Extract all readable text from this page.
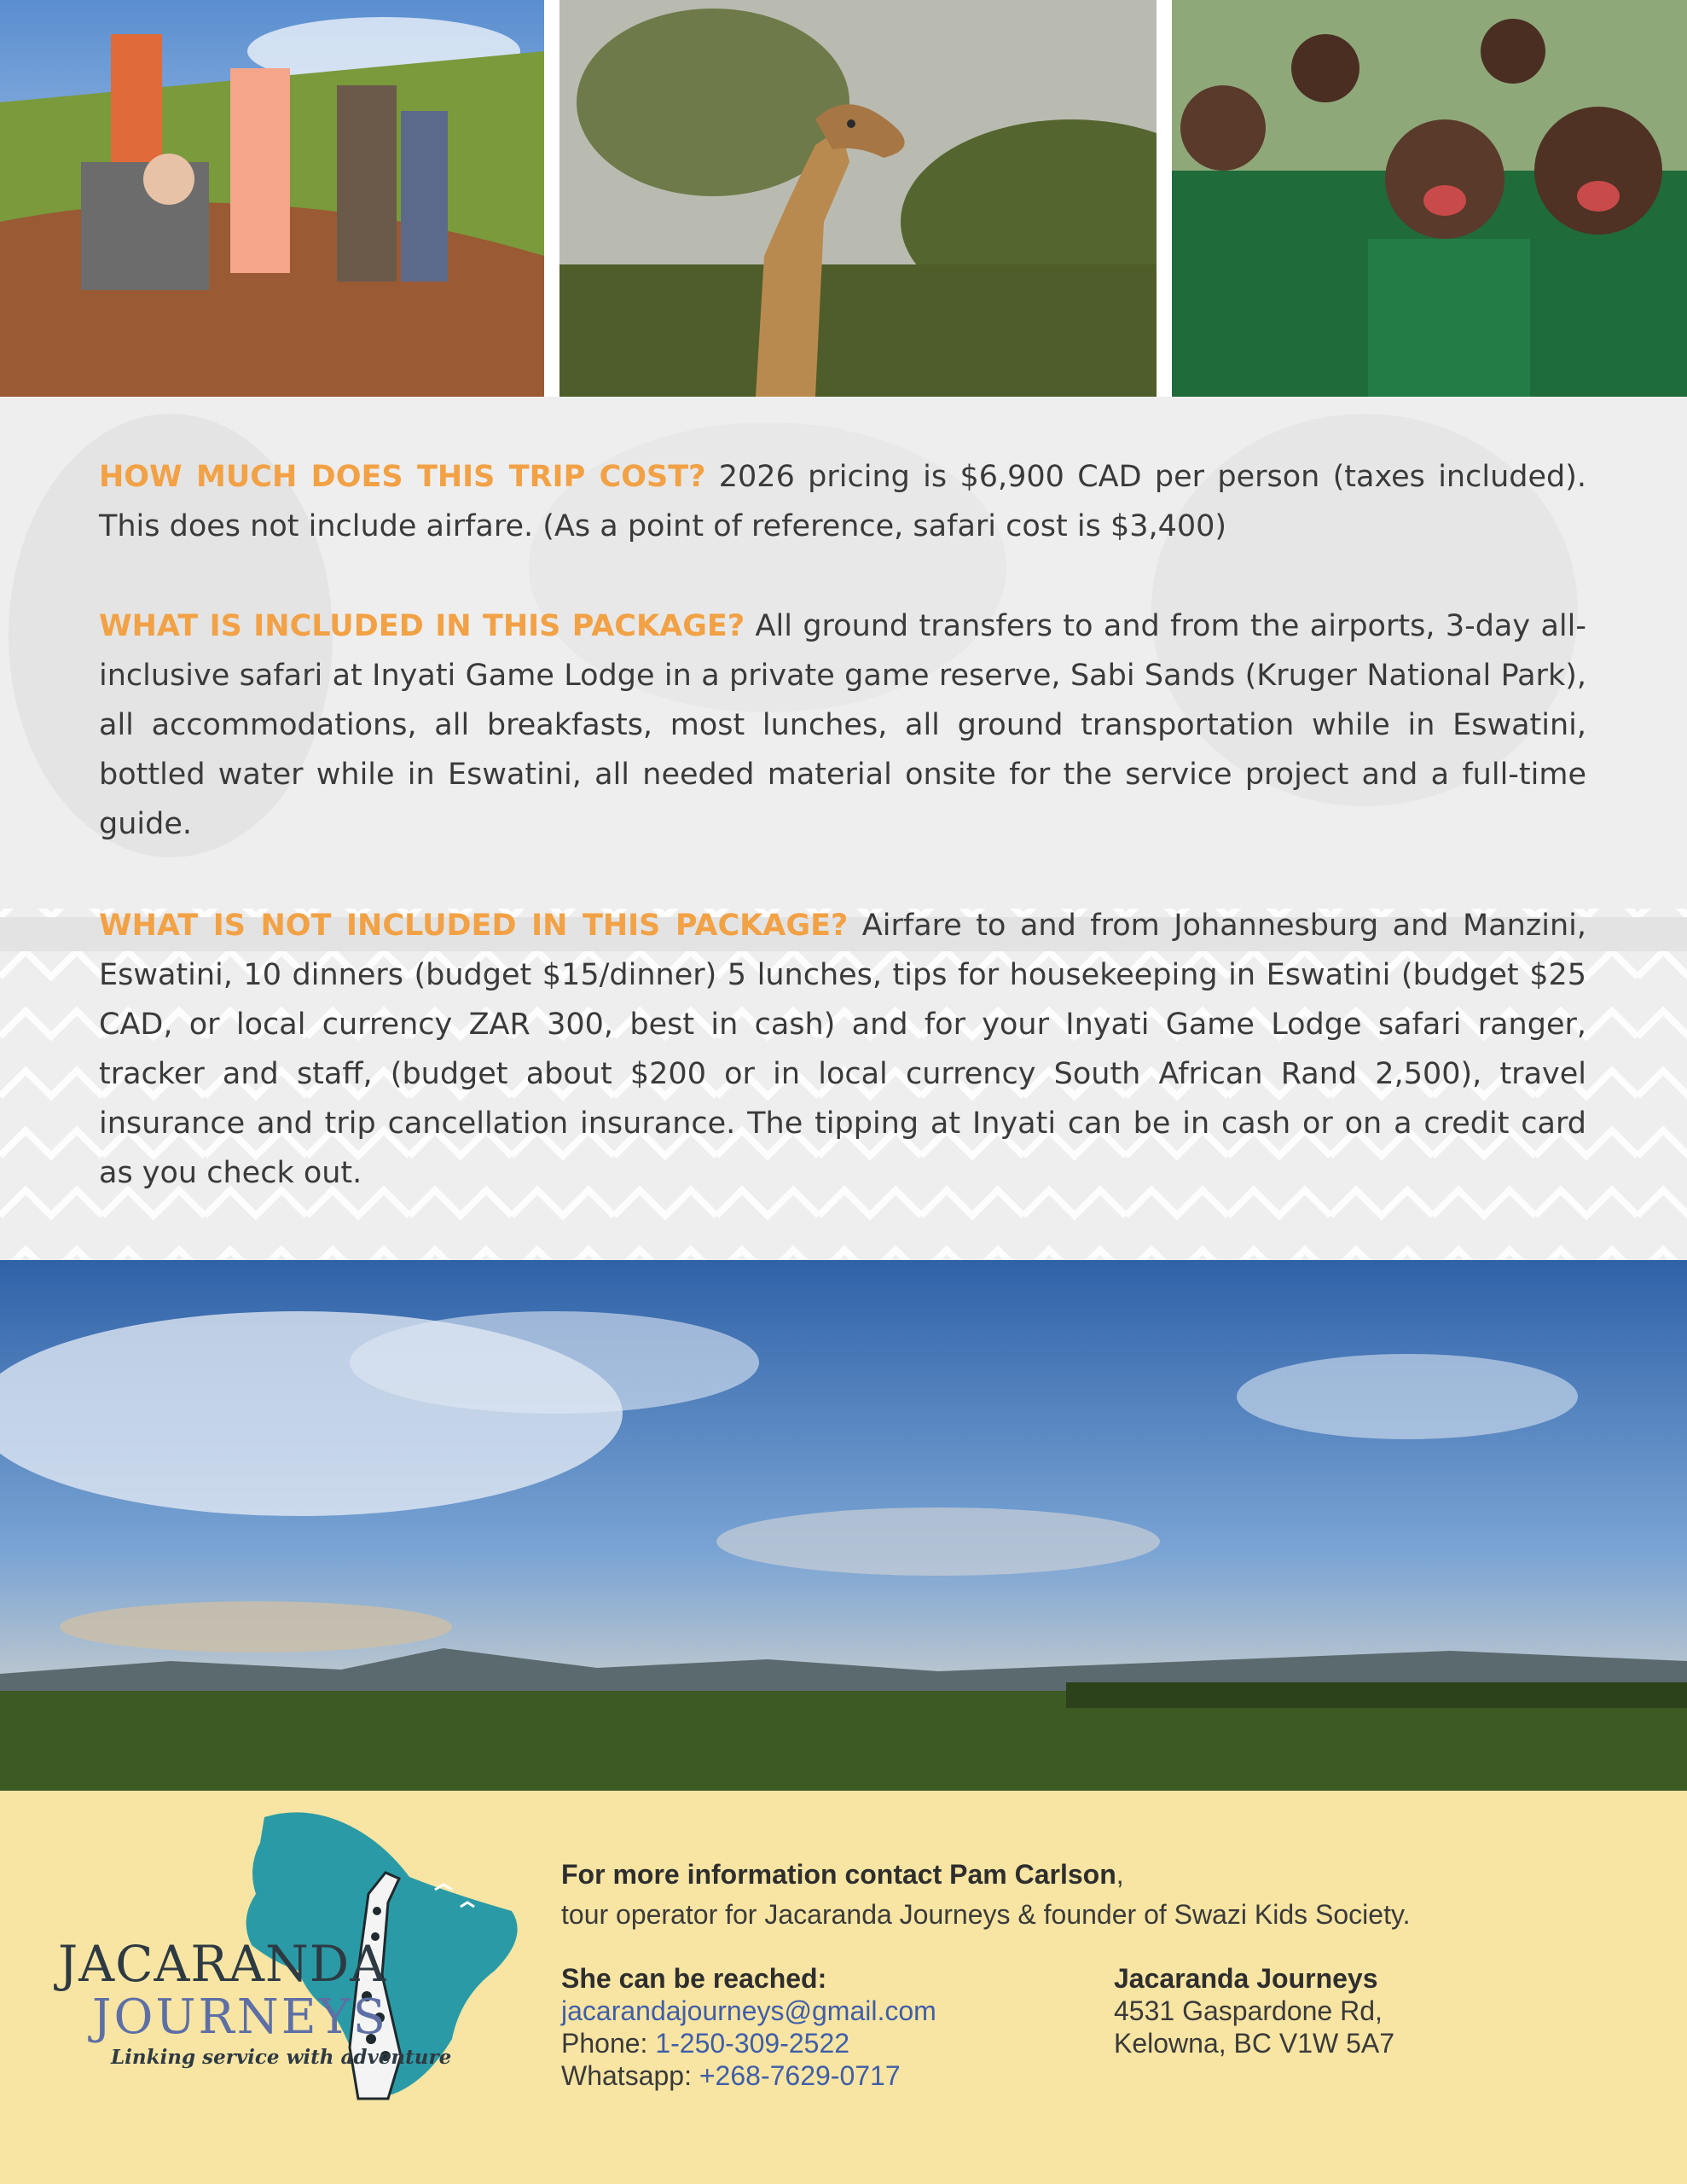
HOW MUCH DOES THIS TRIP COST? 2026 pricing is $6,900 CAD per person (taxes included). This does not include airfare. (As a point of reference, safari cost is $3,400)
WHAT IS INCLUDED IN THIS PACKAGE? All ground transfers to and from the airports, 3-day all-inclusive safari at Inyati Game Lodge in a private game reserve, Sabi Sands (Kruger National Park), all accommodations, all breakfasts, most lunches, all ground transportation while in Eswatini, bottled water while in Eswatini, all needed material onsite for the service project and a full-time guide.
WHAT IS NOT INCLUDED IN THIS PACKAGE? Airfare to and from Johannesburg and Manzini, Eswatini, 10 dinners (budget $15/dinner) 5 lunches, tips for housekeeping in Eswatini (budget $25 CAD, or local currency ZAR 300, best in cash) and for your Inyati Game Lodge safari ranger, tracker and staff, (budget about $200 or in local currency South African Rand 2,500), travel insurance and trip cancellation insurance. The tipping at Inyati can be in cash or on a credit card as you check out.
JACARANDA
JOURNEYS
Linking service with adventure
For more information contact Pam Carlson,
tour operator for Jacaranda Journeys & founder of Swazi Kids Society.
She can be reached:
jacarandajourneys@gmail.com
Phone: 1-250-309-2522
Whatsapp: +268-7629-0717
Jacaranda Journeys
4531 Gaspardone Rd,
Kelowna, BC V1W 5A7
